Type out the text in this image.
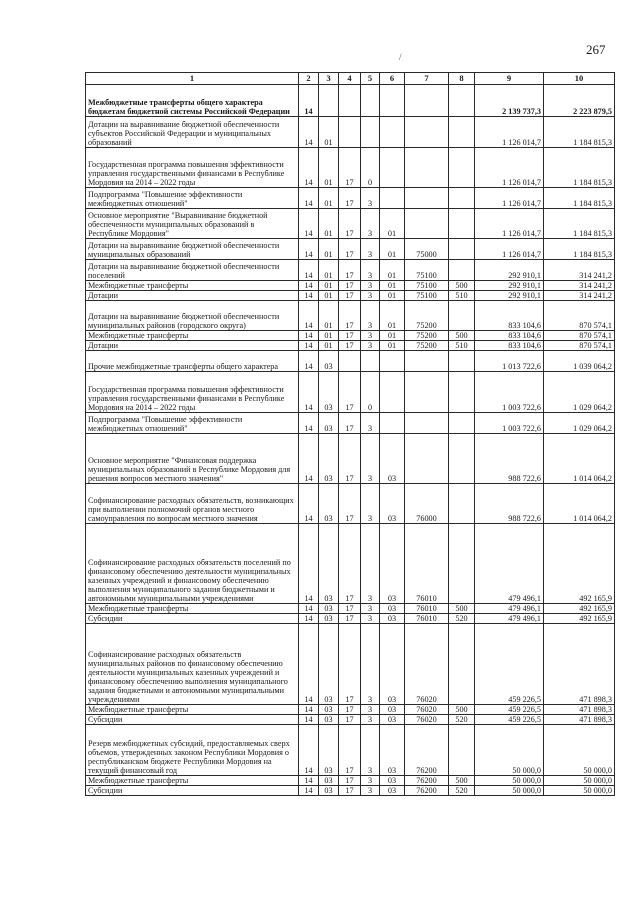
267
/
1	2	3	4	5	6	7	8	9	10
Межбюджетные трансферты общего характера бюджетам бюджетной системы Российской Федерации	14							2 139 737,3	2 223 879,5
Дотации на выравнивание бюджетной обеспеченности субъектов Российской Федерации и муниципальных образований	14	01						1 126 014,7	1 184 815,3
Государственная программа повышения эффективности управления государственными финансами в Республике Мордовия на 2014 – 2022 годы	14	01	17	0				1 126 014,7	1 184 815,3
Подпрограмма "Повышение эффективности межбюджетных отношений"	14	01	17	3				1 126 014,7	1 184 815,3
Основное мероприятие "Выравнивание бюджетной обеспеченности муниципальных образований в Республике Мордовия"	14	01	17	3	01			1 126 014,7	1 184 815,3
Дотации на выравнивание бюджетной обеспеченности муниципальных образований	14	01	17	3	01	75000		1 126 014,7	1 184 815,3
Дотации на выравнивание бюджетной обеспеченности поселений	14	01	17	3	01	75100		292 910,1	314 241,2
Межбюджетные трансферты	14	01	17	3	01	75100	500	292 910,1	314 241,2
Дотации	14	01	17	3	01	75100	510	292 910,1	314 241,2
Дотации на выравнивание бюджетной обеспеченности муниципальных районов (городского округа)	14	01	17	3	01	75200		833 104,6	870 574,1
Межбюджетные трансферты	14	01	17	3	01	75200	500	833 104,6	870 574,1
Дотации	14	01	17	3	01	75200	510	833 104,6	870 574,1
Прочие межбюджетные трансферты общего характера	14	03						1 013 722,6	1 039 064,2
Государственная программа повышения эффективности управления государственными финансами в Республике Мордовия на 2014 – 2022 годы	14	03	17	0				1 003 722,6	1 029 064,2
Подпрограмма "Повышение эффективности межбюджетных отношений"	14	03	17	3				1 003 722,6	1 029 064,2
Основное мероприятие "Финансовая поддержка муниципальных образований в Республике Мордовия для решения вопросов местного значения"	14	03	17	3	03			988 722,6	1 014 064,2
Софинансирование расходных обязательств, возникающих при выполнении полномочий органов местного самоуправления по вопросам местного значения	14	03	17	3	03	76000		988 722,6	1 014 064,2
Софинансирование расходных обязательств поселений по финансовому обеспечению деятельности муниципальных казенных учреждений и финансовому обеспечению выполнения муниципального задания бюджетными и автономными муниципальными учреждениями	14	03	17	3	03	76010		479 496,1	492 165,9
Межбюджетные трансферты	14	03	17	3	03	76010	500	479 496,1	492 165,9
Субсидии	14	03	17	3	03	76010	520	479 496,1	492 165,9
Софинансирование расходных обязательств муниципальных районов по финансовому обеспечению деятельности муниципальных казенных учреждений и финансовому обеспечению выполнения муниципального задания бюджетными и автономными муниципальными учреждениями	14	03	17	3	03	76020		459 226,5	471 898,3
Межбюджетные трансферты	14	03	17	3	03	76020	500	459 226,5	471 898,3
Субсидии	14	03	17	3	03	76020	520	459 226,5	471 898,3
Резерв межбюджетных субсидий, предоставляемых сверх объемов, утвержденных законом Республики Мордовия о республиканском бюджете Республики Мордовия на текущий финансовый год	14	03	17	3	03	76200		50 000,0	50 000,0
Межбюджетные трансферты	14	03	17	3	03	76200	500	50 000,0	50 000,0
Субсидии	14	03	17	3	03	76200	520	50 000,0	50 000,0
